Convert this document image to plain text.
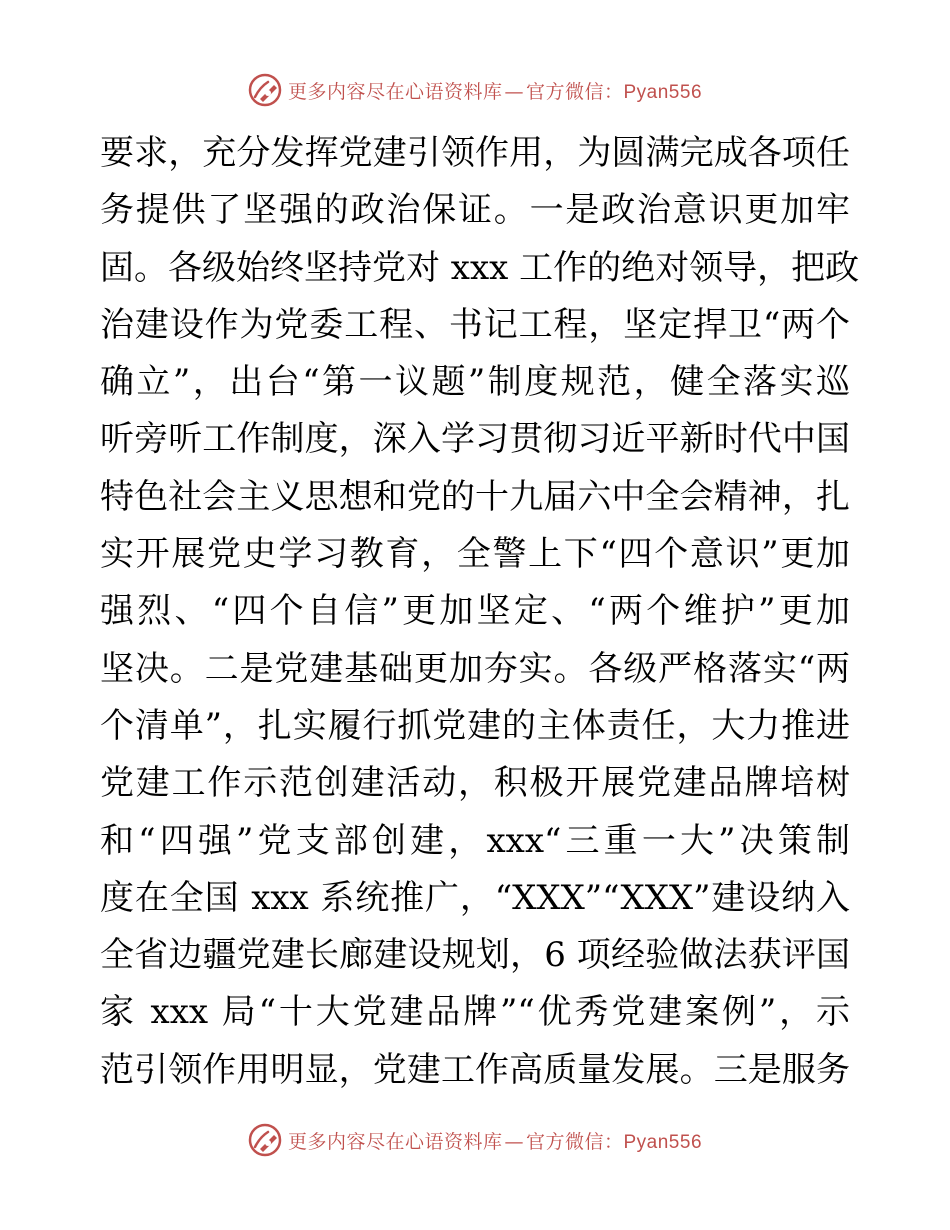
更多内容尽在心语资料库 — 官方微信：Pyan556
要求，充分发挥党建引领作用，为圆满完成各项任
务提供了坚强的政治保证。一是政治意识更加牢
固。各级始终坚持党对 xxx 工作的绝对领导，把政
治建设作为党委工程、书记工程，坚定捍卫“两个
确立”，出台“第一议题”制度规范，健全落实巡
听旁听工作制度，深入学习贯彻习近平新时代中国
特色社会主义思想和党的十九届六中全会精神，扎
实开展党史学习教育，全警上下“四个意识”更加
强烈、“四个自信”更加坚定、“两个维护”更加
坚决。二是党建基础更加夯实。各级严格落实“两
个清单”，扎实履行抓党建的主体责任，大力推进
党建工作示范创建活动，积极开展党建品牌培树
和“四强”党支部创建，xxx“三重一大”决策制
度在全国 xxx 系统推广，“XXX”“XXX”建设纳入
全省边疆党建长廊建设规划，6 项经验做法获评国
家 xxx 局“十大党建品牌”“优秀党建案例”，示
范引领作用明显，党建工作高质量发展。三是服务
更多内容尽在心语资料库 — 官方微信：Pyan556
